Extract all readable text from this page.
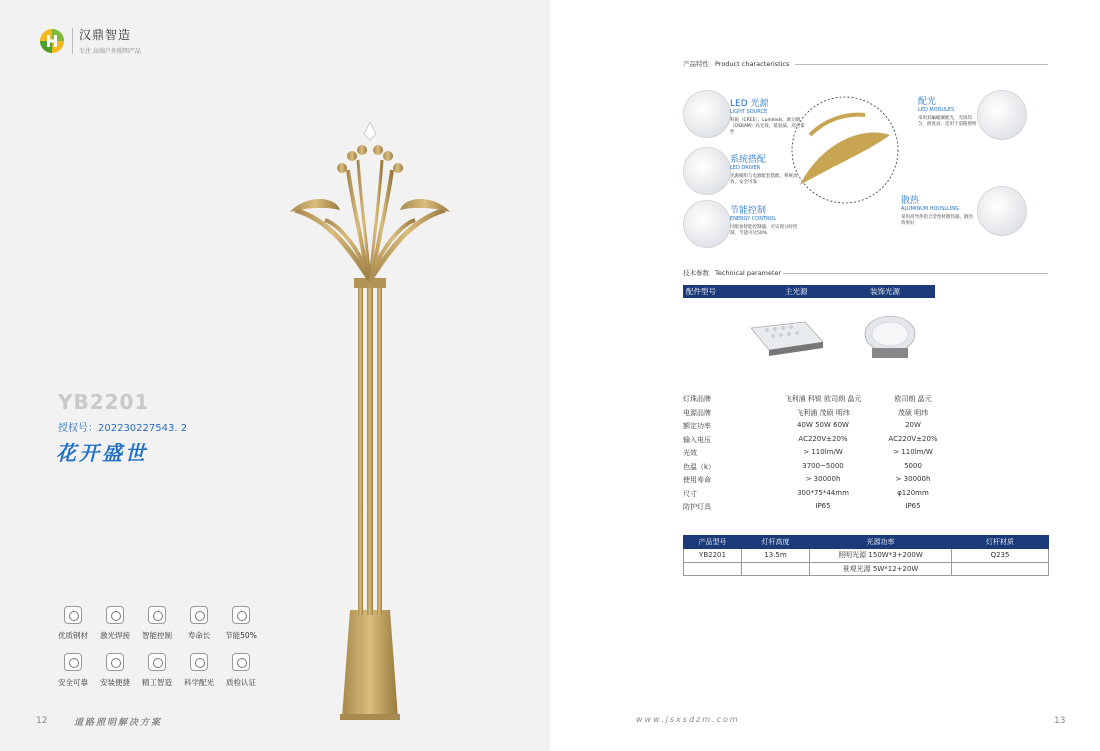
汉鼎智造
专注 高端户外照明产品
YB2201
授权号：202230227543. 2
花开盛世
优质钢材 激光焊接 智能控制 寿命长 节能50%
安全可靠 安装便捷 精工智造 科学配光 质检认证
12	道路照明解决方案
产品特性 Product characteristics
LED 光源
LIGHT SOURCE
科锐（CREE）、Lumileds、欧司朗（OSRAM）高光效、低衰减、高可靠性
系统搭配
LED DRIVER
光源模组与电源配套搭配，系统高效，安全可靠
节能控制
ENERGY CONTROL
可配备智能控制器，可实现分时控制，节能可达50%
配光
LED MODULES
采用双蝙蝠翼配光，光斑均匀，照度高，适用于道路照明
散热
ALUMINUM HOUSLLING
采用高导热铝合金型材散热器，散热效果好
技术参数 Technical parameter
配件型号	主光源	装饰光源
灯珠品牌	飞利浦 科锐 欧司朗 晶元	欧司朗 晶元
电源品牌	飞利浦 茂硕 明纬	茂硕 明纬
额定功率	40W 50W 60W	20W
输入电压	AC220V±20%	AC220V±20%
光效	> 110lm/W	> 110lm/W
色温（k）	3700~5000	5000
使用寿命	> 30000h	> 30000h
尺寸	300*75*44mm	φ120mm
防护灯具	IP65	IP65
产品型号	灯杆高度	光源功率	灯杆材质
YB2201	13.5m	照明光源 150W*3+200W	Q235
		景观光源 5W*12+20W	
www.jsxsdzm.com	13
